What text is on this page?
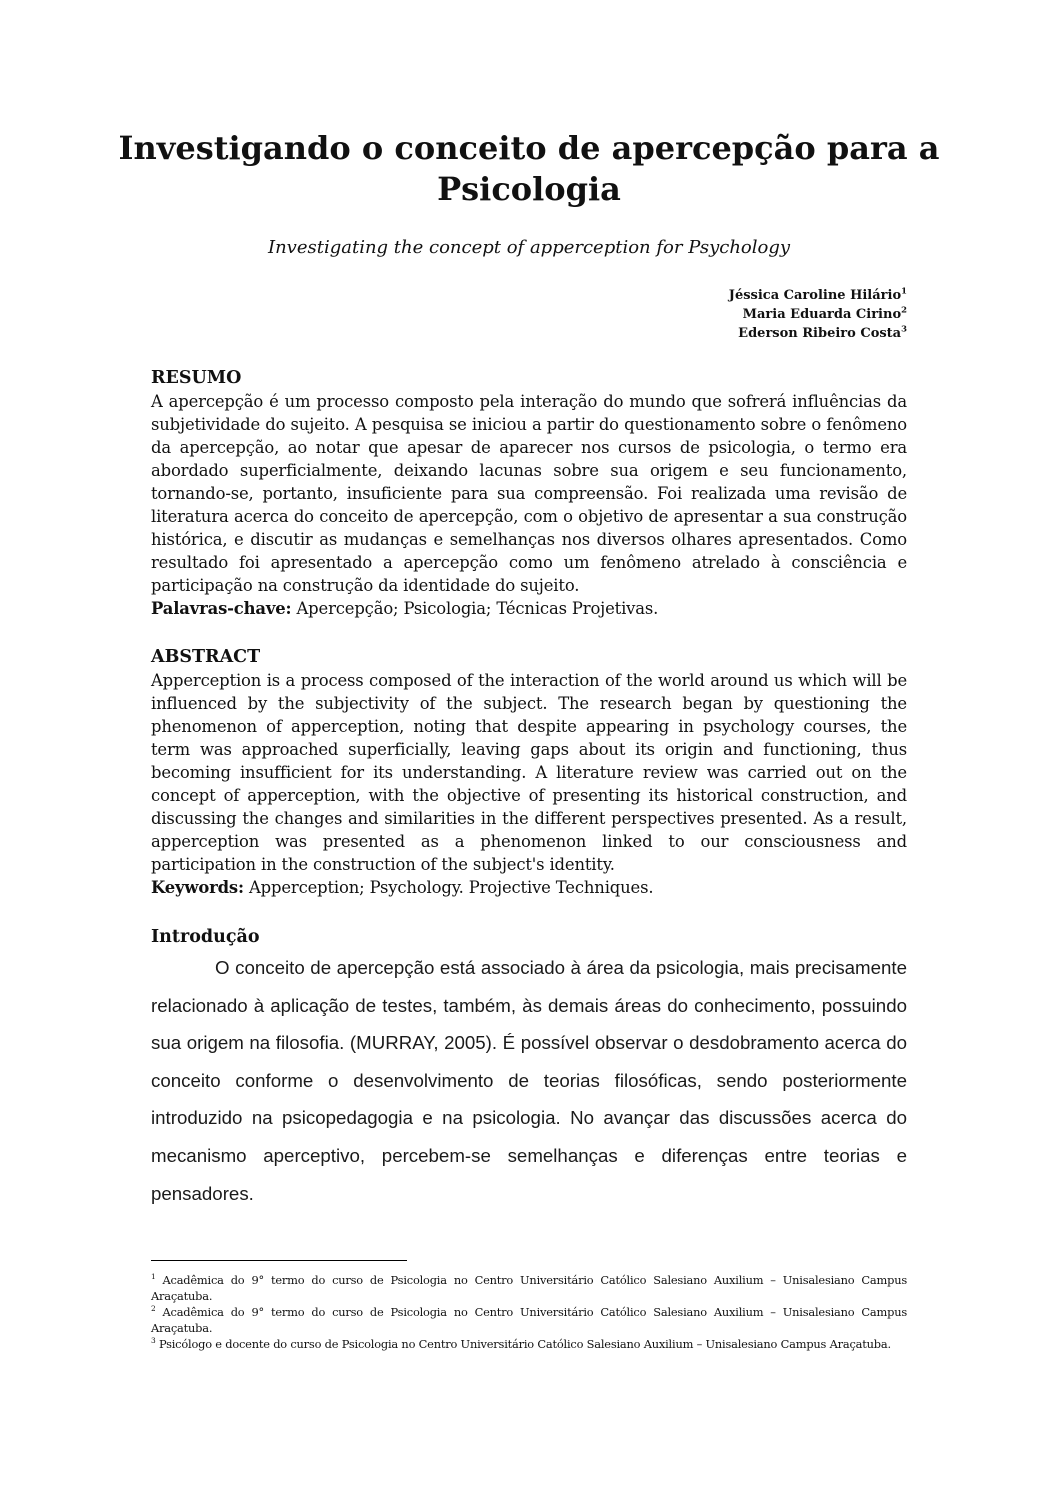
Investigando o conceito de apercepção para a Psicologia

Investigating the concept of apperception for Psychology

Jéssica Caroline Hilário$^1$
Maria Eduarda Cirino$^2$
Ederson Ribeiro Costa$^3$
RESUMO

A apercepção é um processo composto pela interação do mundo que sofrerá influências da subjetividade do sujeito. A pesquisa se iniciou a partir do questionamento sobre o fenômeno da apercepção, ao notar que apesar de aparecer nos cursos de psicologia, o termo era abordado superficialmente, deixando lacunas sobre sua origem e seu funcionamento, tornando-se, portanto, insuficiente para sua compreensão. Foi realizada uma revisão de literatura acerca do conceito de apercepção, com o objetivo de apresentar a sua construção histórica, e discutir as mudanças e semelhanças nos diversos olhares apresentados. Como resultado foi apresentado a apercepção como um fenômeno atrelado à consciência e participação na construção da identidade do sujeito.

Palavras-chave: Apercepção; Psicologia; Técnicas Projetivas.

ABSTRACT

Apperception is a process composed of the interaction of the world around us which will be influenced by the subjectivity of the subject. The research began by questioning the phenomenon of apperception, noting that despite appearing in psychology courses, the term was approached superficially, leaving gaps about its origin and functioning, thus becoming insufficient for its understanding. A literature review was carried out on the concept of apperception, with the objective of presenting its historical construction, and discussing the changes and similarities in the different perspectives presented. As a result, apperception was presented as a phenomenon linked to our consciousness and participation in the construction of the subject's identity.

Keywords: Apperception; Psychology. Projective Techniques.

Introdução

O conceito de apercepção está associado à área da psicologia, mais precisamente relacionado à aplicação de testes, também, às demais áreas do conhecimento, possuindo sua origem na filosofia. (MURRAY, 2005). É possível observar o desdobramento acerca do conceito conforme o desenvolvimento de teorias filosóficas, sendo posteriormente introduzido na psicopedagogia e na psicologia. No avançar das discussões acerca do mecanismo aperceptivo, percebem-se semelhanças e diferenças entre teorias e pensadores.

$^1$ Acadêmica do 9° termo do curso de Psicologia no Centro Universitário Católico Salesiano Auxilium – Unisalesiano Campus Araçatuba.

$^2$ Acadêmica do 9° termo do curso de Psicologia no Centro Universitário Católico Salesiano Auxilium – Unisalesiano Campus Araçatuba.

$^3$ Psicólogo e docente do curso de Psicologia no Centro Universitário Católico Salesiano Auxilium – Unisalesiano Campus Araçatuba.
